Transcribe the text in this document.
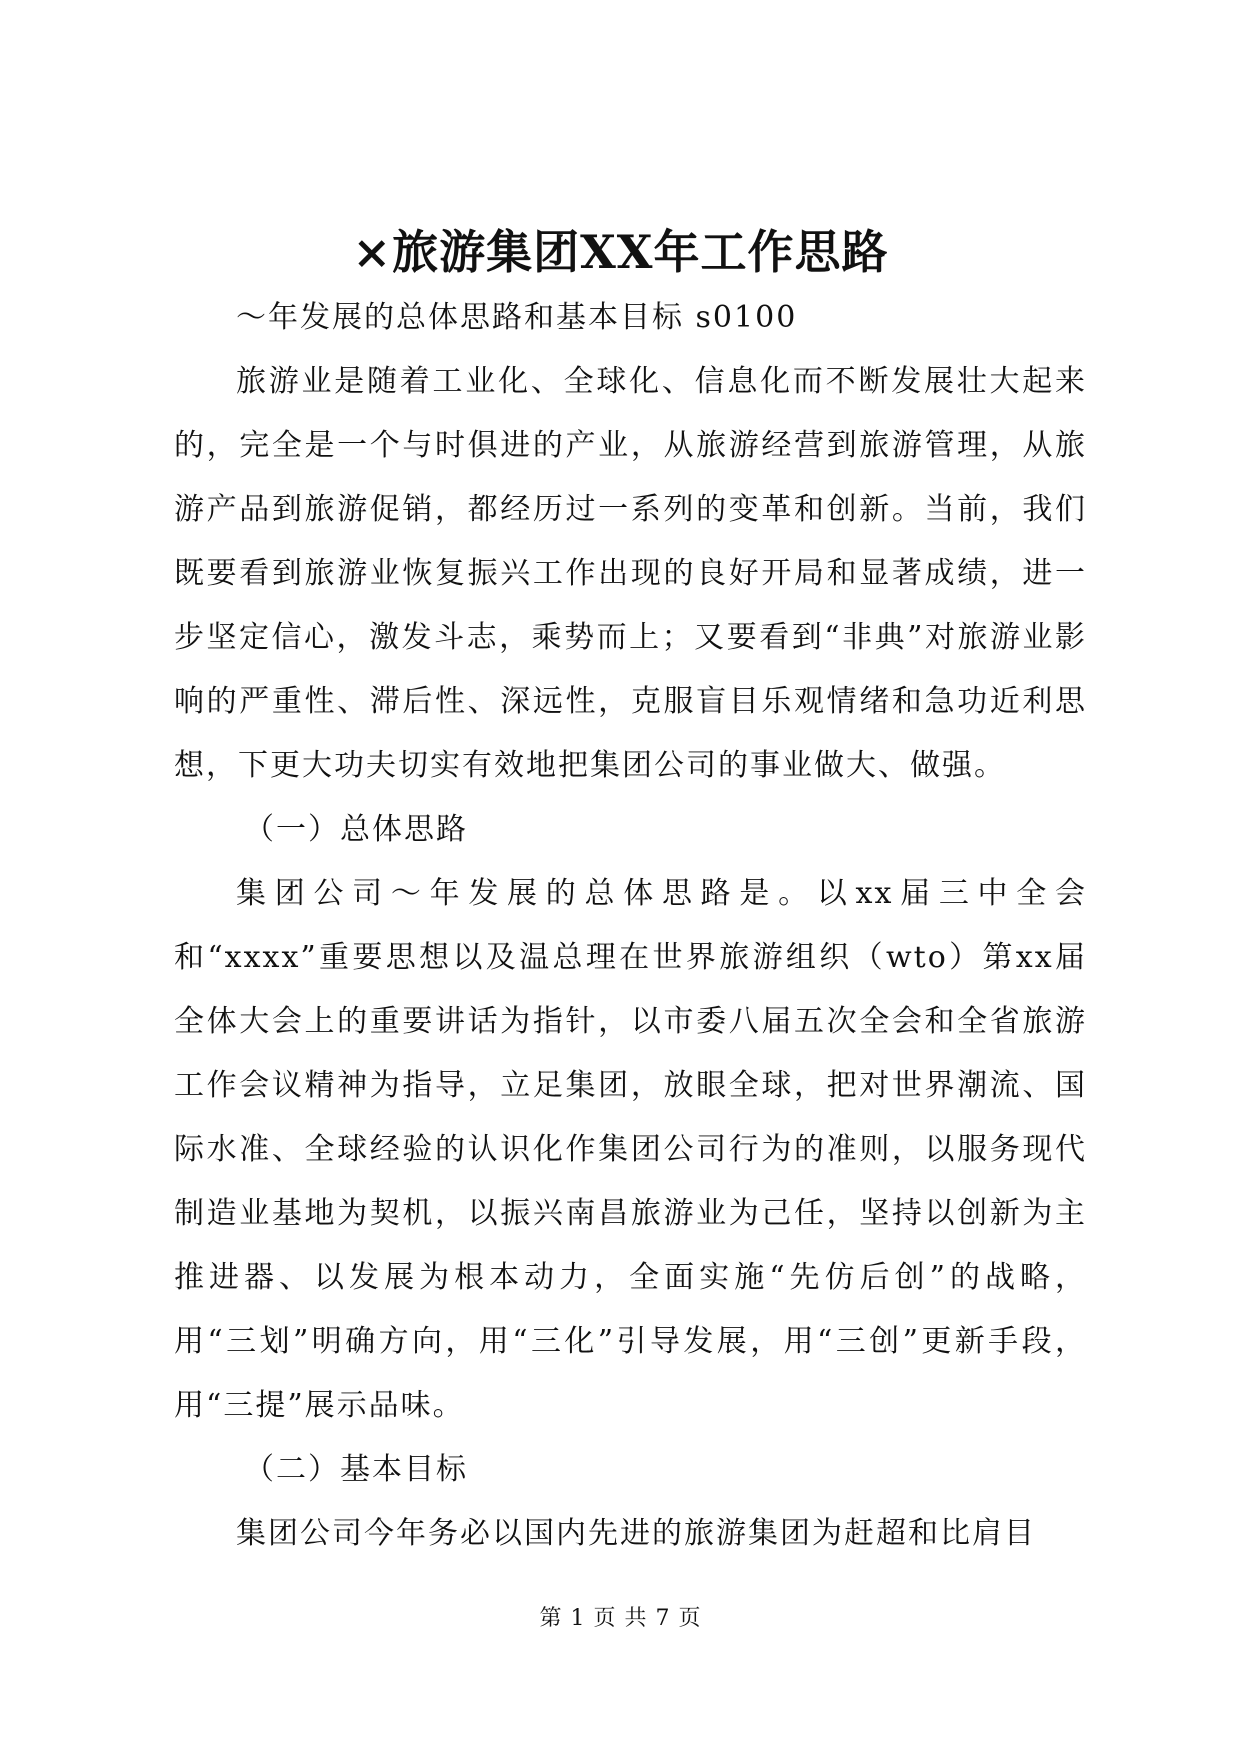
×旅游集团XX年工作思路

～年发展的总体思路和基本目标 s0100

旅游业是随着工业化、全球化、信息化而不断发展壮大起来的，完全是一个与时俱进的产业，从旅游经营到旅游管理，从旅游产品到旅游促销，都经历过一系列的变革和创新。当前，我们既要看到旅游业恢复振兴工作出现的良好开局和显著成绩，进一步坚定信心，激发斗志，乘势而上；又要看到“非典”对旅游业影响的严重性、滞后性、深远性，克服盲目乐观情绪和急功近利思想，下更大功夫切实有效地把集团公司的事业做大、做强。

（一）总体思路

集团公司～年发展的总体思路是。以xx届三中全会和“xxxx”重要思想以及温总理在世界旅游组织（wto）第xx届全体大会上的重要讲话为指针，以市委八届五次全会和全省旅游工作会议精神为指导，立足集团，放眼全球，把对世界潮流、国际水准、全球经验的认识化作集团公司行为的准则，以服务现代制造业基地为契机，以振兴南昌旅游业为己任，坚持以创新为主推进器、以发展为根本动力，全面实施“先仿后创”的战略，用“三划”明确方向，用“三化”引导发展，用“三创”更新手段，用“三提”展示品味。

（二）基本目标

集团公司今年务必以国内先进的旅游集团为赶超和比肩目

第 1 页 共 7 页
